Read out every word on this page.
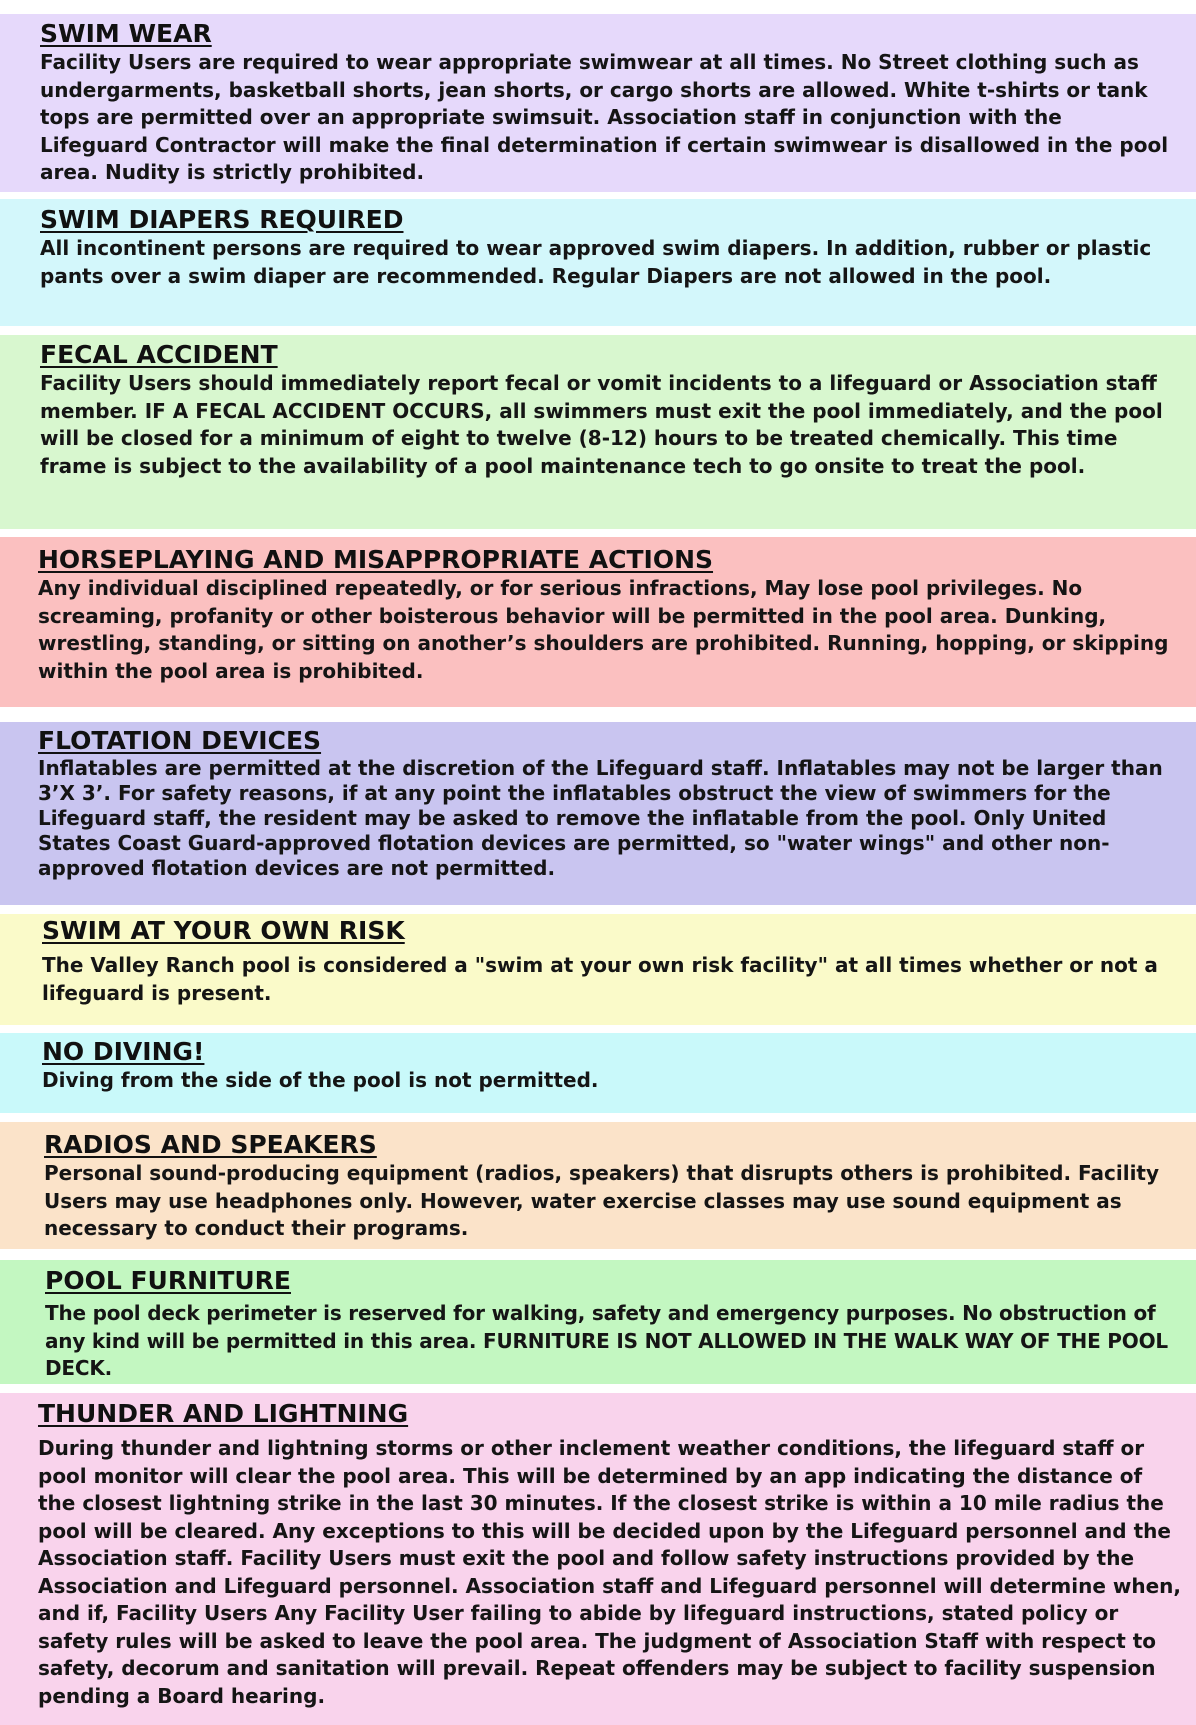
SWIM WEAR

Facility Users are required to wear appropriate swimwear at all times. No Street clothing such as undergarments, basketball shorts, jean shorts, or cargo shorts are allowed. White t-shirts or tank tops are permitted over an appropriate swimsuit. Association staff in conjunction with the Lifeguard Contractor will make the final determination if certain swimwear is disallowed in the pool area. Nudity is strictly prohibited.

SWIM DIAPERS REQUIRED

All incontinent persons are required to wear approved swim diapers. In addition, rubber or plastic pants over a swim diaper are recommended. Regular Diapers are not allowed in the pool.

FECAL ACCIDENT

Facility Users should immediately report fecal or vomit incidents to a lifeguard or Association staff member. IF A FECAL ACCIDENT OCCURS, all swimmers must exit the pool immediately, and the pool will be closed for a minimum of eight to twelve (8-12) hours to be treated chemically. This time frame is subject to the availability of a pool maintenance tech to go onsite to treat the pool.

HORSEPLAYING AND MISAPPROPRIATE ACTIONS

Any individual disciplined repeatedly, or for serious infractions, May lose pool privileges. No screaming, profanity or other boisterous behavior will be permitted in the pool area. Dunking, wrestling, standing, or sitting on another’s shoulders are prohibited. Running, hopping, or skipping within the pool area is prohibited.

FLOTATION DEVICES

Inflatables are permitted at the discretion of the Lifeguard staff. Inflatables may not be larger than 3’X 3’. For safety reasons, if at any point the inflatables obstruct the view of swimmers for the Lifeguard staff, the resident may be asked to remove the inflatable from the pool. Only United States Coast Guard-approved flotation devices are permitted, so "water wings" and other non-approved flotation devices are not permitted.

SWIM AT YOUR OWN RISK

The Valley Ranch pool is considered a "swim at your own risk facility" at all times whether or not a lifeguard is present.

NO DIVING!

Diving from the side of the pool is not permitted.

RADIOS AND SPEAKERS

Personal sound-producing equipment (radios, speakers) that disrupts others is prohibited. Facility Users may use headphones only. However, water exercise classes may use sound equipment as necessary to conduct their programs.

POOL FURNITURE

The pool deck perimeter is reserved for walking, safety and emergency purposes. No obstruction of any kind will be permitted in this area. FURNITURE IS NOT ALLOWED IN THE WALK WAY OF THE POOL DECK.

THUNDER AND LIGHTNING

During thunder and lightning storms or other inclement weather conditions, the lifeguard staff or pool monitor will clear the pool area. This will be determined by an app indicating the distance of the closest lightning strike in the last 30 minutes. If the closest strike is within a 10 mile radius the pool will be cleared. Any exceptions to this will be decided upon by the Lifeguard personnel and the Association staff. Facility Users must exit the pool and follow safety instructions provided by the Association and Lifeguard personnel. Association staff and Lifeguard personnel will determine when, and if, Facility Users Any Facility User failing to abide by lifeguard instructions, stated policy or safety rules will be asked to leave the pool area. The judgment of Association Staff with respect to safety, decorum and sanitation will prevail. Repeat offenders may be subject to facility suspension pending a Board hearing.
